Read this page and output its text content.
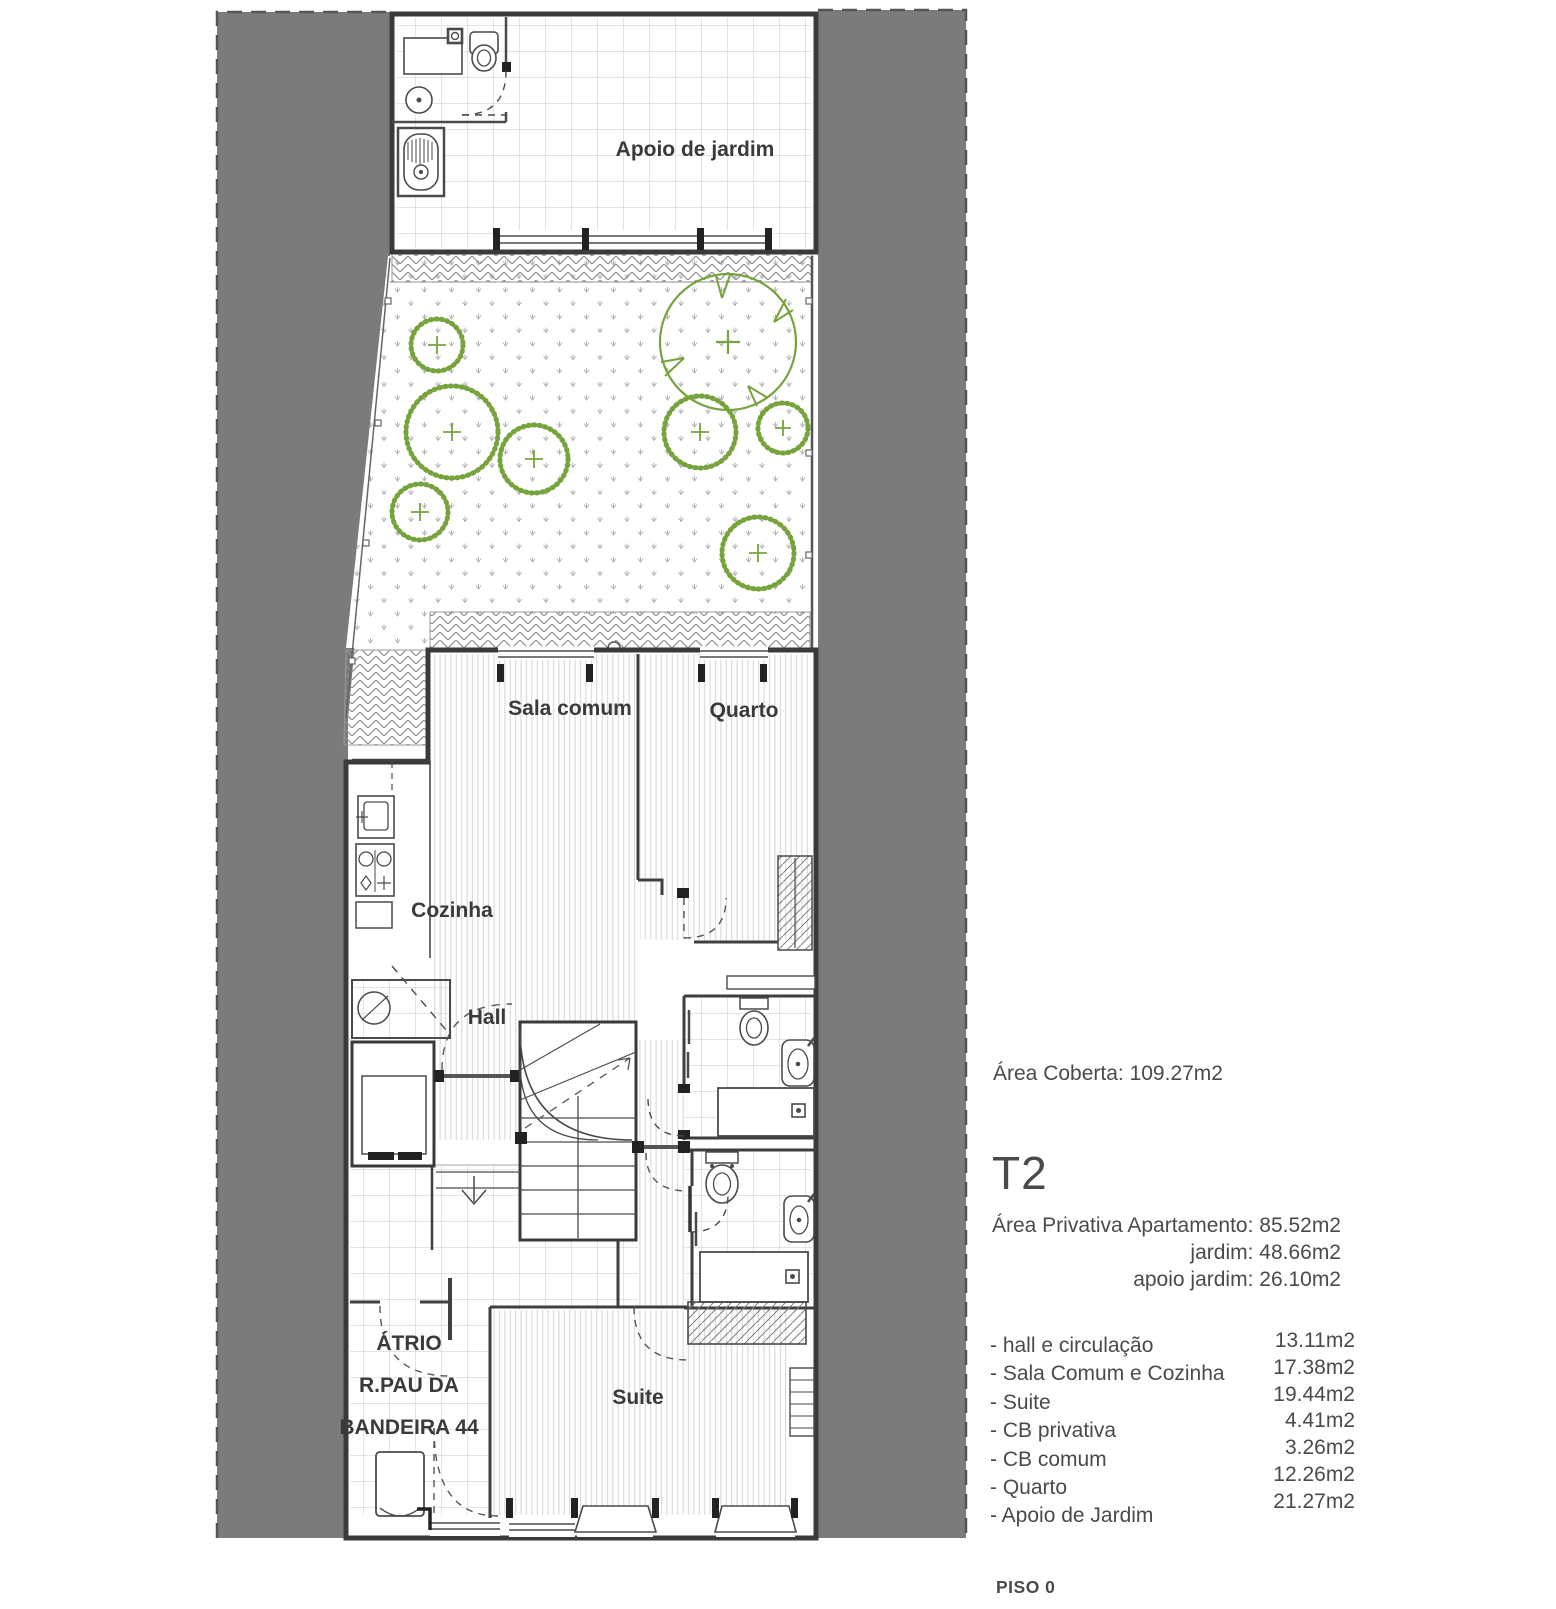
Apoio de jardim
Sala comum	Quarto
Cozinha
Hall
Suite
ÁTRIO
R.PAU DA
BANDEIRA 44
Área Coberta: 109.27m2
T2
Área Privativa Apartamento: 85.52m2
jardim: 48.66m2
apoio jardim: 26.10m2
- hall e circulação
- Sala Comum e Cozinha
- Suite
- CB privativa
- CB comum
- Quarto
- Apoio de Jardim
13.11m2
17.38m2
19.44m2
4.41m2
3.26m2
12.26m2
21.27m2
PISO 0
